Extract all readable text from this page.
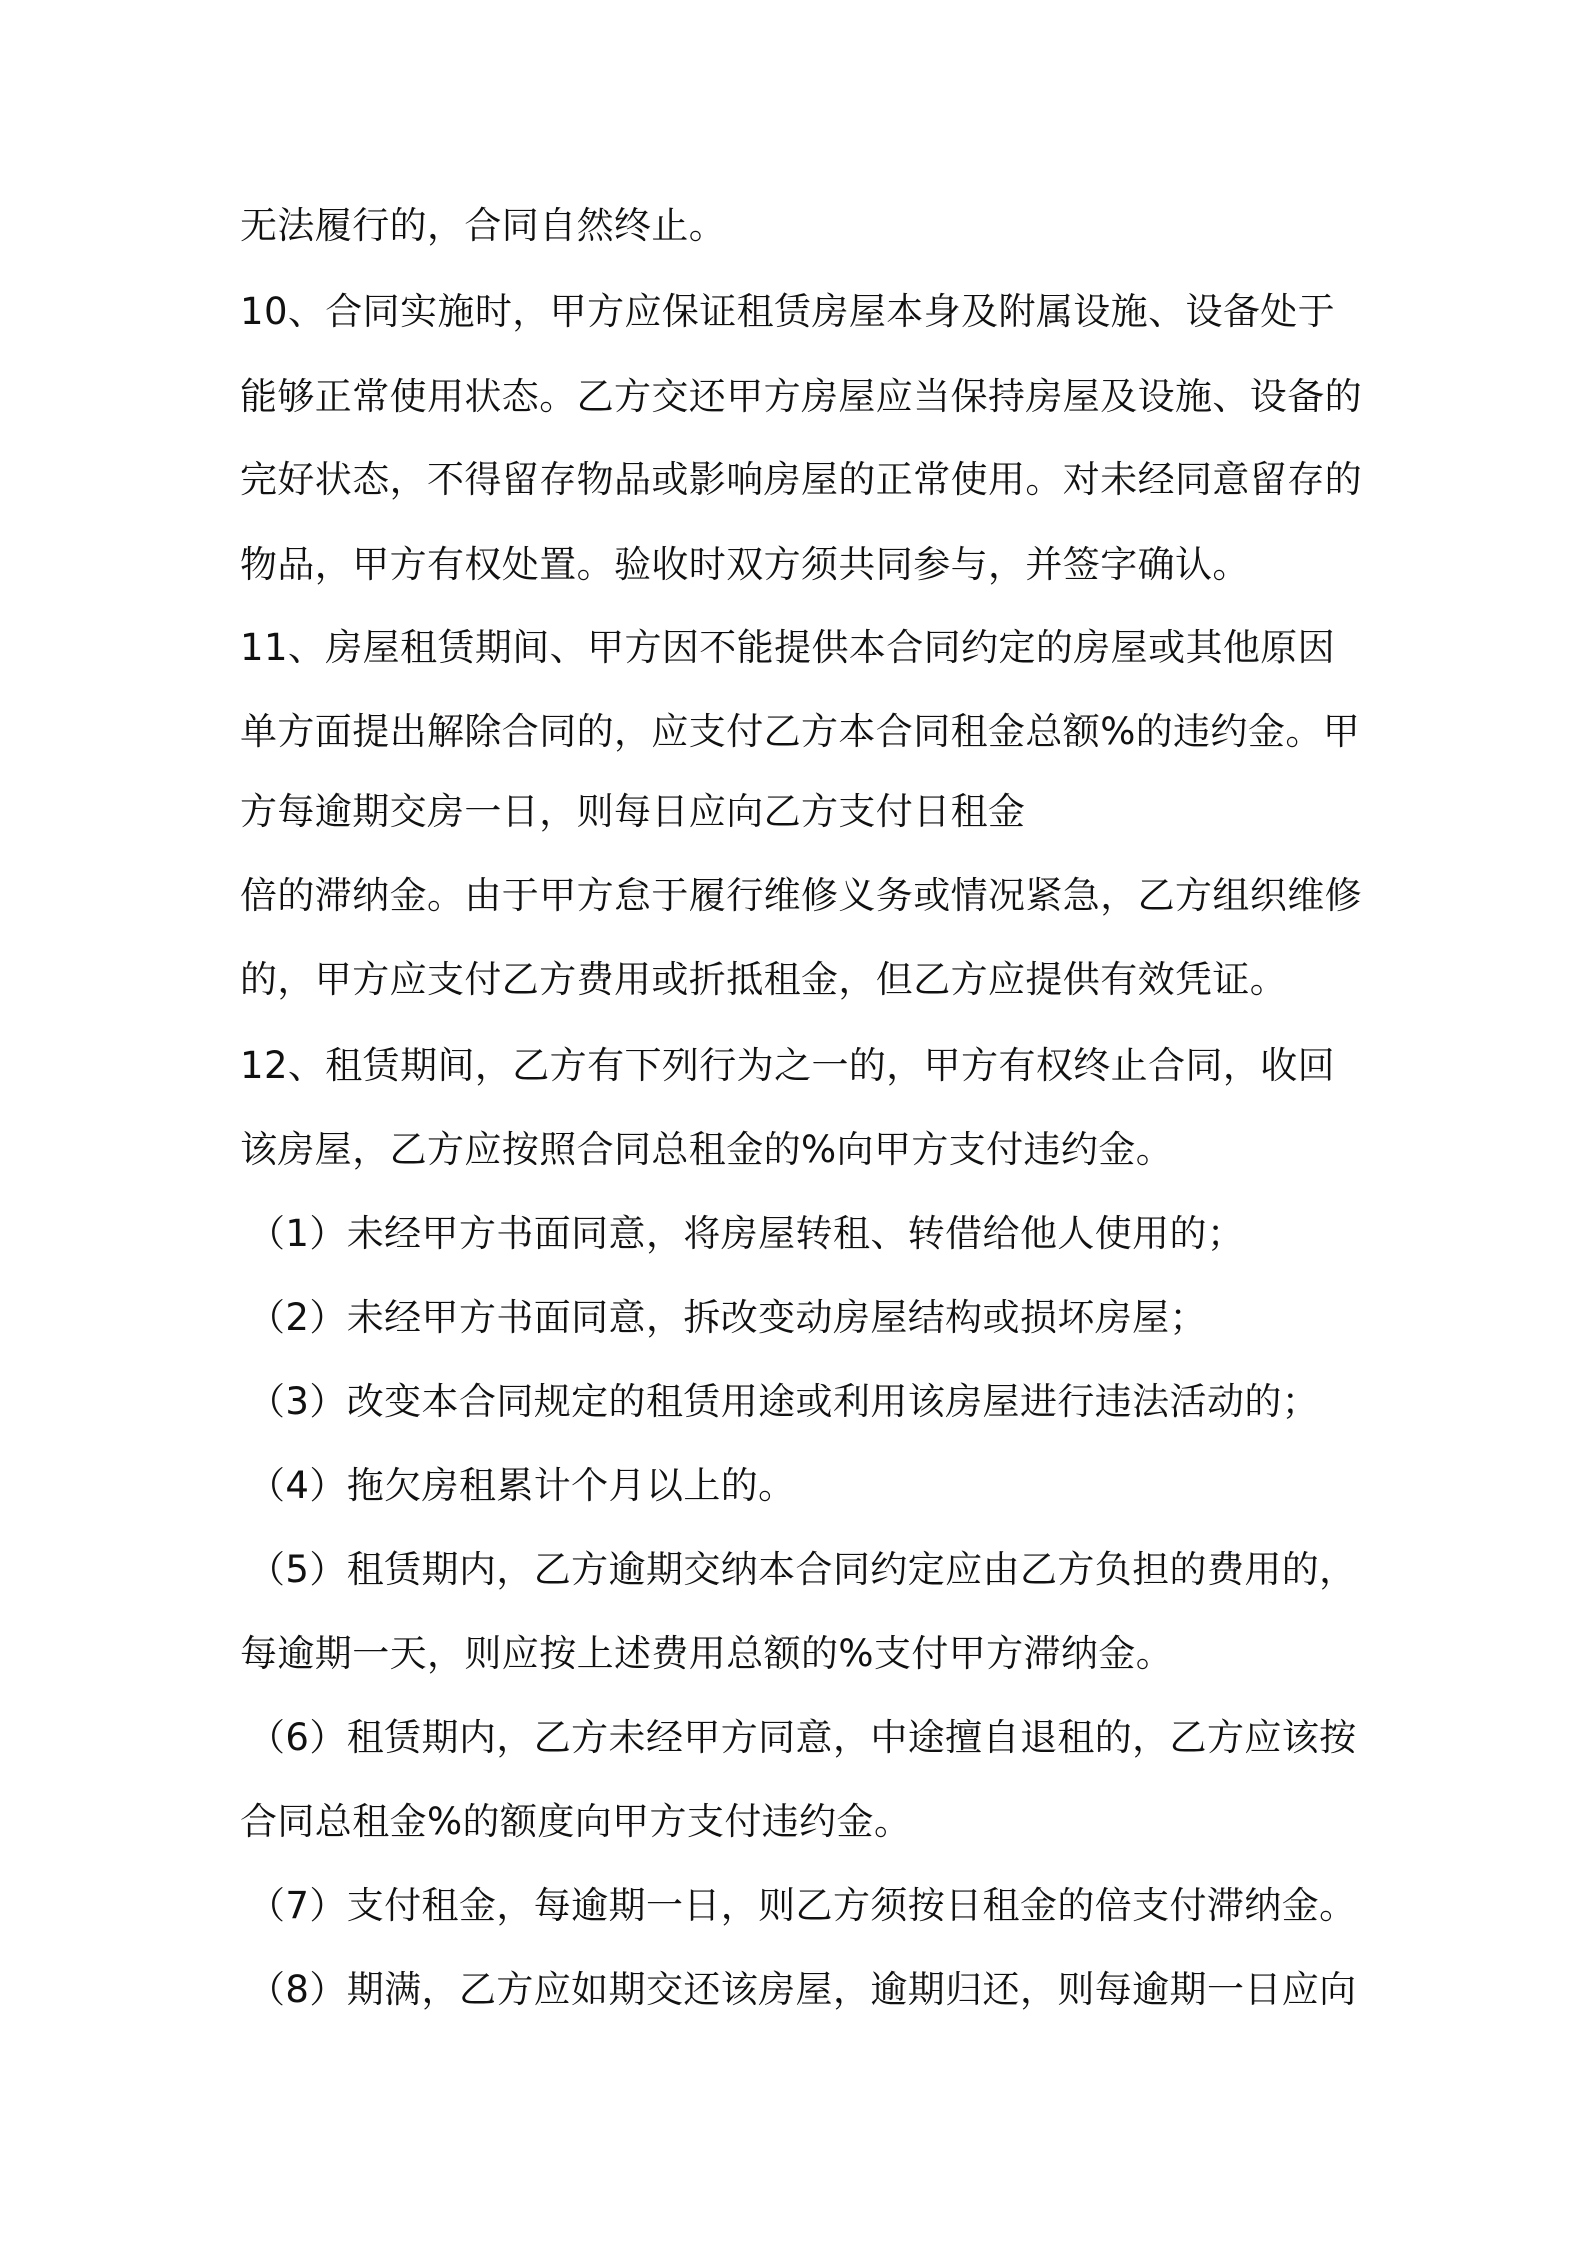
无法履行的，合同自然终止。
10、合同实施时，甲方应保证租赁房屋本身及附属设施、设备处于
能够正常使用状态。乙方交还甲方房屋应当保持房屋及设施、设备的
完好状态，不得留存物品或影响房屋的正常使用。对未经同意留存的
物品，甲方有权处置。验收时双方须共同参与，并签字确认。
11、房屋租赁期间、甲方因不能提供本合同约定的房屋或其他原因
单方面提出解除合同的，应支付乙方本合同租金总额%的违约金。甲
方每逾期交房一日，则每日应向乙方支付日租金
倍的滞纳金。由于甲方怠于履行维修义务或情况紧急，乙方组织维修
的，甲方应支付乙方费用或折抵租金，但乙方应提供有效凭证。
12、租赁期间，乙方有下列行为之一的，甲方有权终止合同，收回
该房屋，乙方应按照合同总租金的%向甲方支付违约金。
（1）未经甲方书面同意，将房屋转租、转借给他人使用的；
（2）未经甲方书面同意，拆改变动房屋结构或损坏房屋；
（3）改变本合同规定的租赁用途或利用该房屋进行违法活动的；
（4）拖欠房租累计个月以上的。
（5）租赁期内，乙方逾期交纳本合同约定应由乙方负担的费用的，
每逾期一天，则应按上述费用总额的%支付甲方滞纳金。
（6）租赁期内，乙方未经甲方同意，中途擅自退租的，乙方应该按
合同总租金%的额度向甲方支付违约金。
（7）支付租金，每逾期一日，则乙方须按日租金的倍支付滞纳金。
（8）期满，乙方应如期交还该房屋，逾期归还，则每逾期一日应向
